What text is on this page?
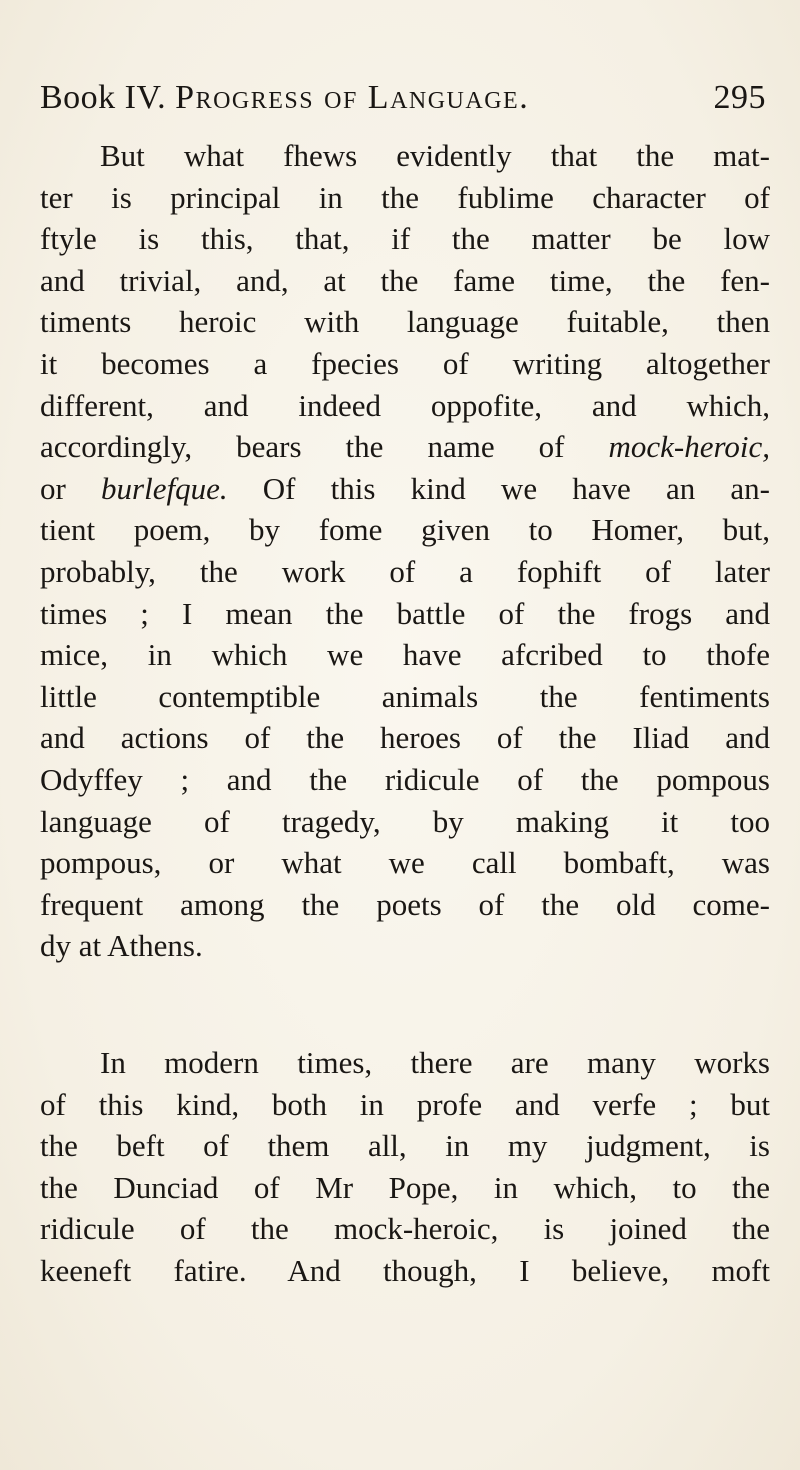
Book IV. Progress of Language.	295
But what fhews evidently that the mat-
ter is principal in the fublime character of
ftyle is this, that, if the matter be low
and trivial, and, at the fame time, the fen-
timents heroic with language fuitable, then
it becomes a fpecies of writing altogether
different, and indeed oppofite, and which,
accordingly, bears the name of mock-heroic,
or burlefque. Of this kind we have an an-
tient poem, by fome given to Homer, but,
probably, the work of a fophift of later
times ; I mean the battle of the frogs and
mice, in which we have afcribed to thofe
little contemptible animals the fentiments
and actions of the heroes of the Iliad and
Odyffey ; and the ridicule of the pompous
language of tragedy, by making it too
pompous, or what we call bombaft, was
frequent among the poets of the old come-
dy at Athens.
In modern times, there are many works
of this kind, both in profe and verfe ; but
the beft of them all, in my judgment, is
the Dunciad of Mr Pope, in which, to the
ridicule of the mock-heroic, is joined the
keeneft fatire. And though, I believe, moft
